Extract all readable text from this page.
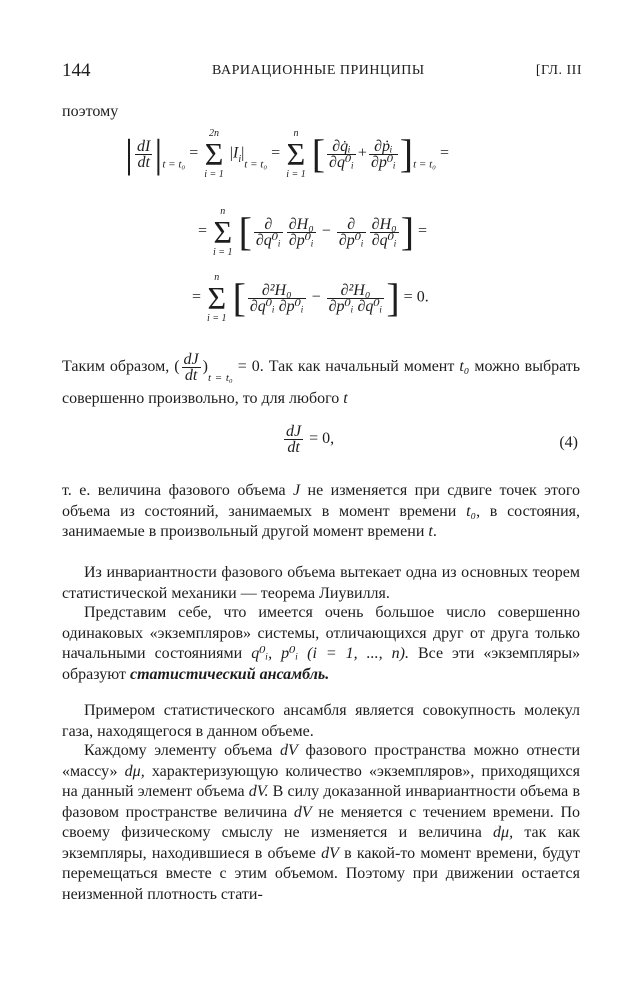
144	ВАРИАЦИОННЫЕ ПРИНЦИПЫ	[ГЛ. III
поэтому
| $\frac{dI}{dt} |_{t = t_0}$ =
2n
Σ
i = 1
$|I_i|_{t = t_0}$ =
n
Σ
i = 1 [ $\frac{\text{∂q̇ᵢ}}{\text{∂q⁰ᵢ}} + \frac{\text{∂ṗᵢ}}{\text{∂p⁰ᵢ}} ]_{t = t_0}$ =
=
n
Σ
i = 1 [ $\frac{\partial}{\text{∂q⁰ᵢ}} \frac{\text{∂H₀}}{\text{∂p⁰ᵢ}} - \frac{\partial}{\text{∂p⁰ᵢ}} \frac{\text{∂H₀}}{\text{∂q⁰ᵢ}}$ ] =
=
n
Σ
i = 1 [ $\frac{\text{∂²H₀}}{\text{∂q⁰ᵢ ∂p⁰ᵢ}} - \frac{\text{∂²H₀}}{\text{∂p⁰ᵢ ∂q⁰ᵢ}}$ ] = 0.
Таким образом, ( $\frac{dJ}{dt} )_{t = t_0} = 0$. Так как начальный момент t₀ можно выбрать совершенно произвольно, то для любого t
$\frac{dJ}{dt} = 0$,	(4)
т. е. величина фазового объема J не изменяется при сдвиге точек этого объема из состояний, занимаемых в момент времени t₀, в состояния, занимаемые в произвольный другой момент времени t.
Из инвариантности фазового объема вытекает одна из основных теорем статистической механики — теорема Лиувилля.
Представим себе, что имеется очень большое число совершенно одинаковых «экземпляров» системы, отличающихся друг от друга только начальными состояниями q⁰ᵢ, p⁰ᵢ (i = 1, ..., n). Все эти «экземпляры» образуют статистический ансамбль.
Примером статистического ансамбля является совокупность молекул газа, находящегося в данном объеме.
Каждому элементу объема dV фазового пространства можно отнести «массу» dμ, характеризующую количество «экземпляров», приходящихся на данный элемент объема dV. В силу доказанной инвариантности объема в фазовом пространстве величина dV не меняется с течением времени. По своему физическому смыслу не изменяется и величина dμ, так как экземпляры, находившиеся в объеме dV в какой-то момент времени, будут перемещаться вместе с этим объемом. Поэтому при движении остается неизменной плотность стати-
